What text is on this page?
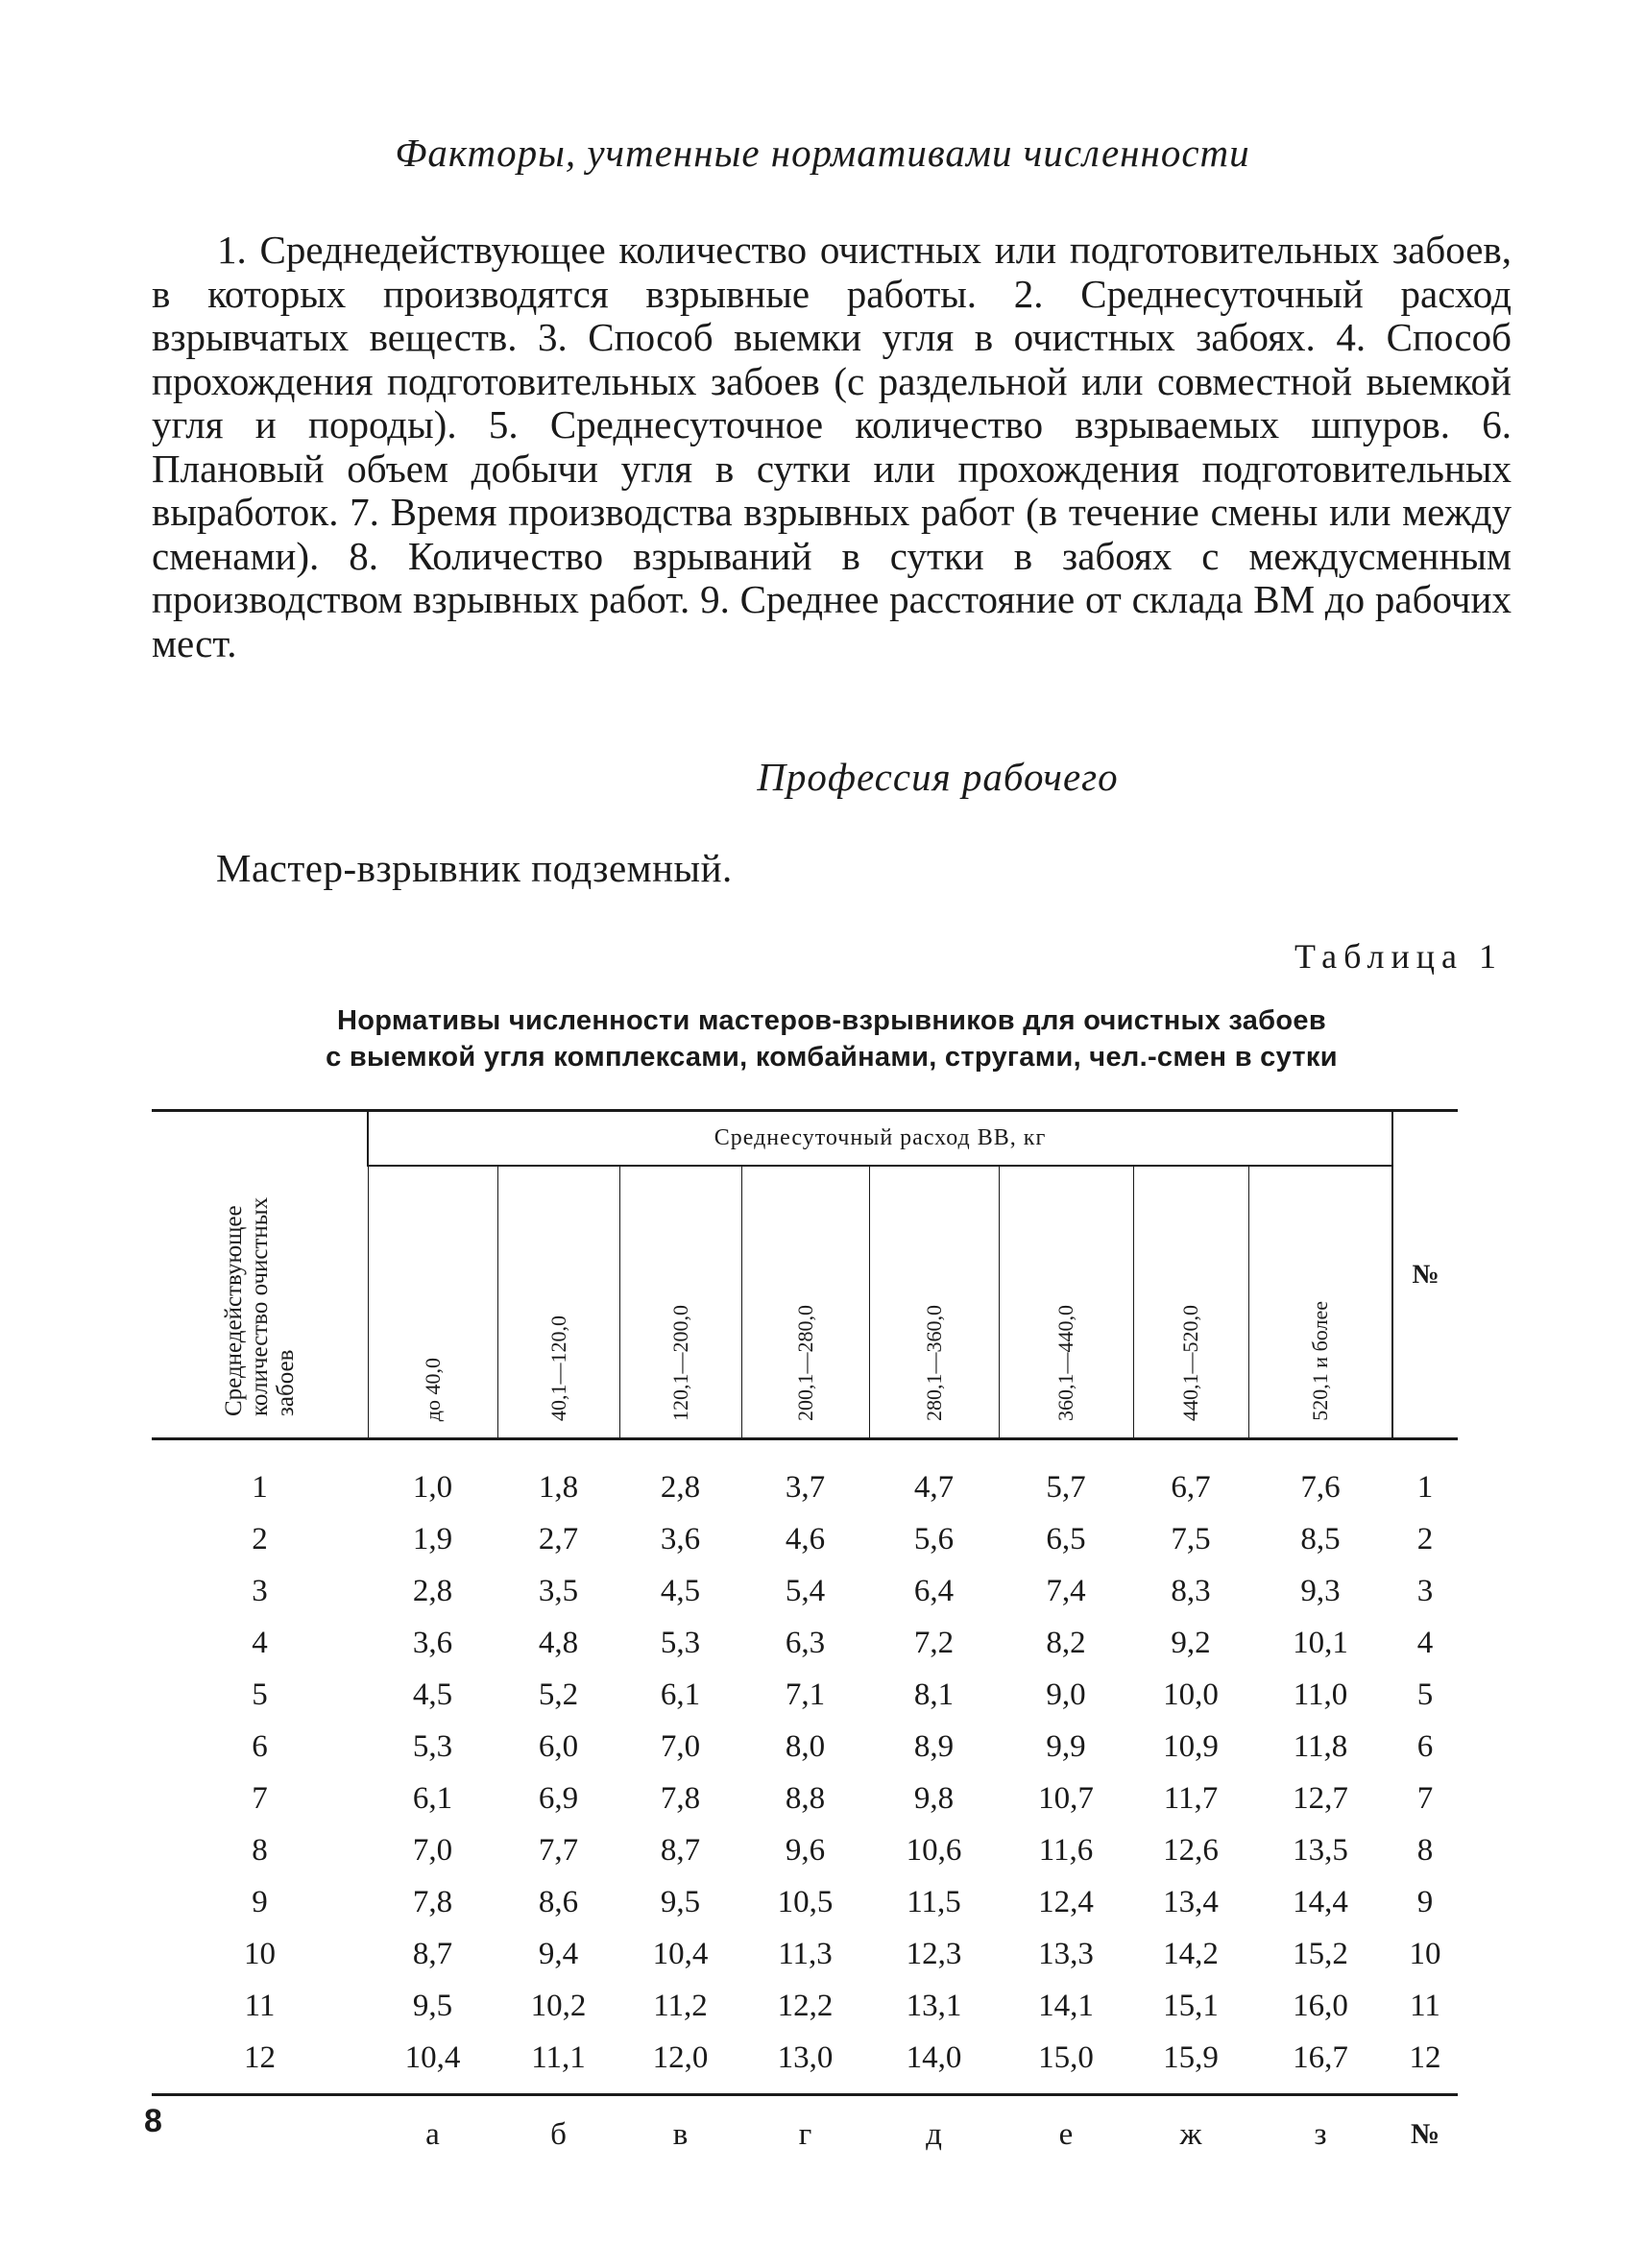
Факторы, учтенные нормативами численности
1. Среднедействующее количество очистных или подготовительных забоев, в которых производятся взрывные работы. 2. Среднесуточный расход взрывчатых веществ. 3. Способ выемки угля в очистных забоях. 4. Способ прохождения подготовительных забоев (с раздельной или совместной выемкой угля и породы). 5. Среднесуточное количество взрываемых шпуров. 6. Плановый объем добычи угля в сутки или прохождения подготовительных выработок. 7. Время производства взрывных работ (в течение смены или между сменами). 8. Количество взрываний в сутки в забоях с междусменным производством взрывных работ. 9. Среднее расстояние от склада ВМ до рабочих мест.
Профессия рабочего
Мастер-взрывник подземный.
Таблица 1
Нормативы численности мастеров-взрывников для очистных забоев
с выемкой угля комплексами, комбайнами, стругами, чел.-смен в сутки
Среднедействующее количество очистных забоев	Среднесуточный расход ВВ, кг								№
	до 40,0	40,1—120,0	120,1—200,0	200,1—280,0	280,1—360,0	360,1—440,0	440,1—520,0	520,1 и более	
1	1,0	1,8	2,8	3,7	4,7	5,7	6,7	7,6	1
2	1,9	2,7	3,6	4,6	5,6	6,5	7,5	8,5	2
3	2,8	3,5	4,5	5,4	6,4	7,4	8,3	9,3	3
4	3,6	4,8	5,3	6,3	7,2	8,2	9,2	10,1	4
5	4,5	5,2	6,1	7,1	8,1	9,0	10,0	11,0	5
6	5,3	6,0	7,0	8,0	8,9	9,9	10,9	11,8	6
7	6,1	6,9	7,8	8,8	9,8	10,7	11,7	12,7	7
8	7,0	7,7	8,7	9,6	10,6	11,6	12,6	13,5	8
9	7,8	8,6	9,5	10,5	11,5	12,4	13,4	14,4	9
10	8,7	9,4	10,4	11,3	12,3	13,3	14,2	15,2	10
11	9,5	10,2	11,2	12,2	13,1	14,1	15,1	16,0	11
12	10,4	11,1	12,0	13,0	14,0	15,0	15,9	16,7	12
	а	б	в	г	д	е	ж	з	№
8
